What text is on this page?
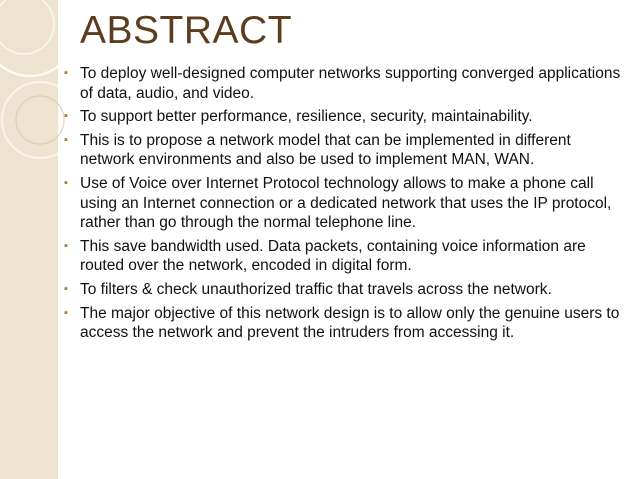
ABSTRACT
▪ To deploy well-designed computer networks supporting converged applications of data, audio, and video.
▪ To support better performance, resilience, security, maintainability.
▪ This is to propose a network model that can be implemented in different network environments and also be used to implement MAN, WAN.
▪ Use of Voice over Internet Protocol technology allows to make a phone call using an Internet connection or a dedicated network that uses the IP protocol, rather than go through the normal telephone line.
▪ This save bandwidth used. Data packets, containing voice information are routed over the network, encoded in digital form.
▪ To filters & check unauthorized traffic that travels across the network.
▪ The major objective of this network design is to allow only the genuine users to access the network and prevent the intruders from accessing it.
